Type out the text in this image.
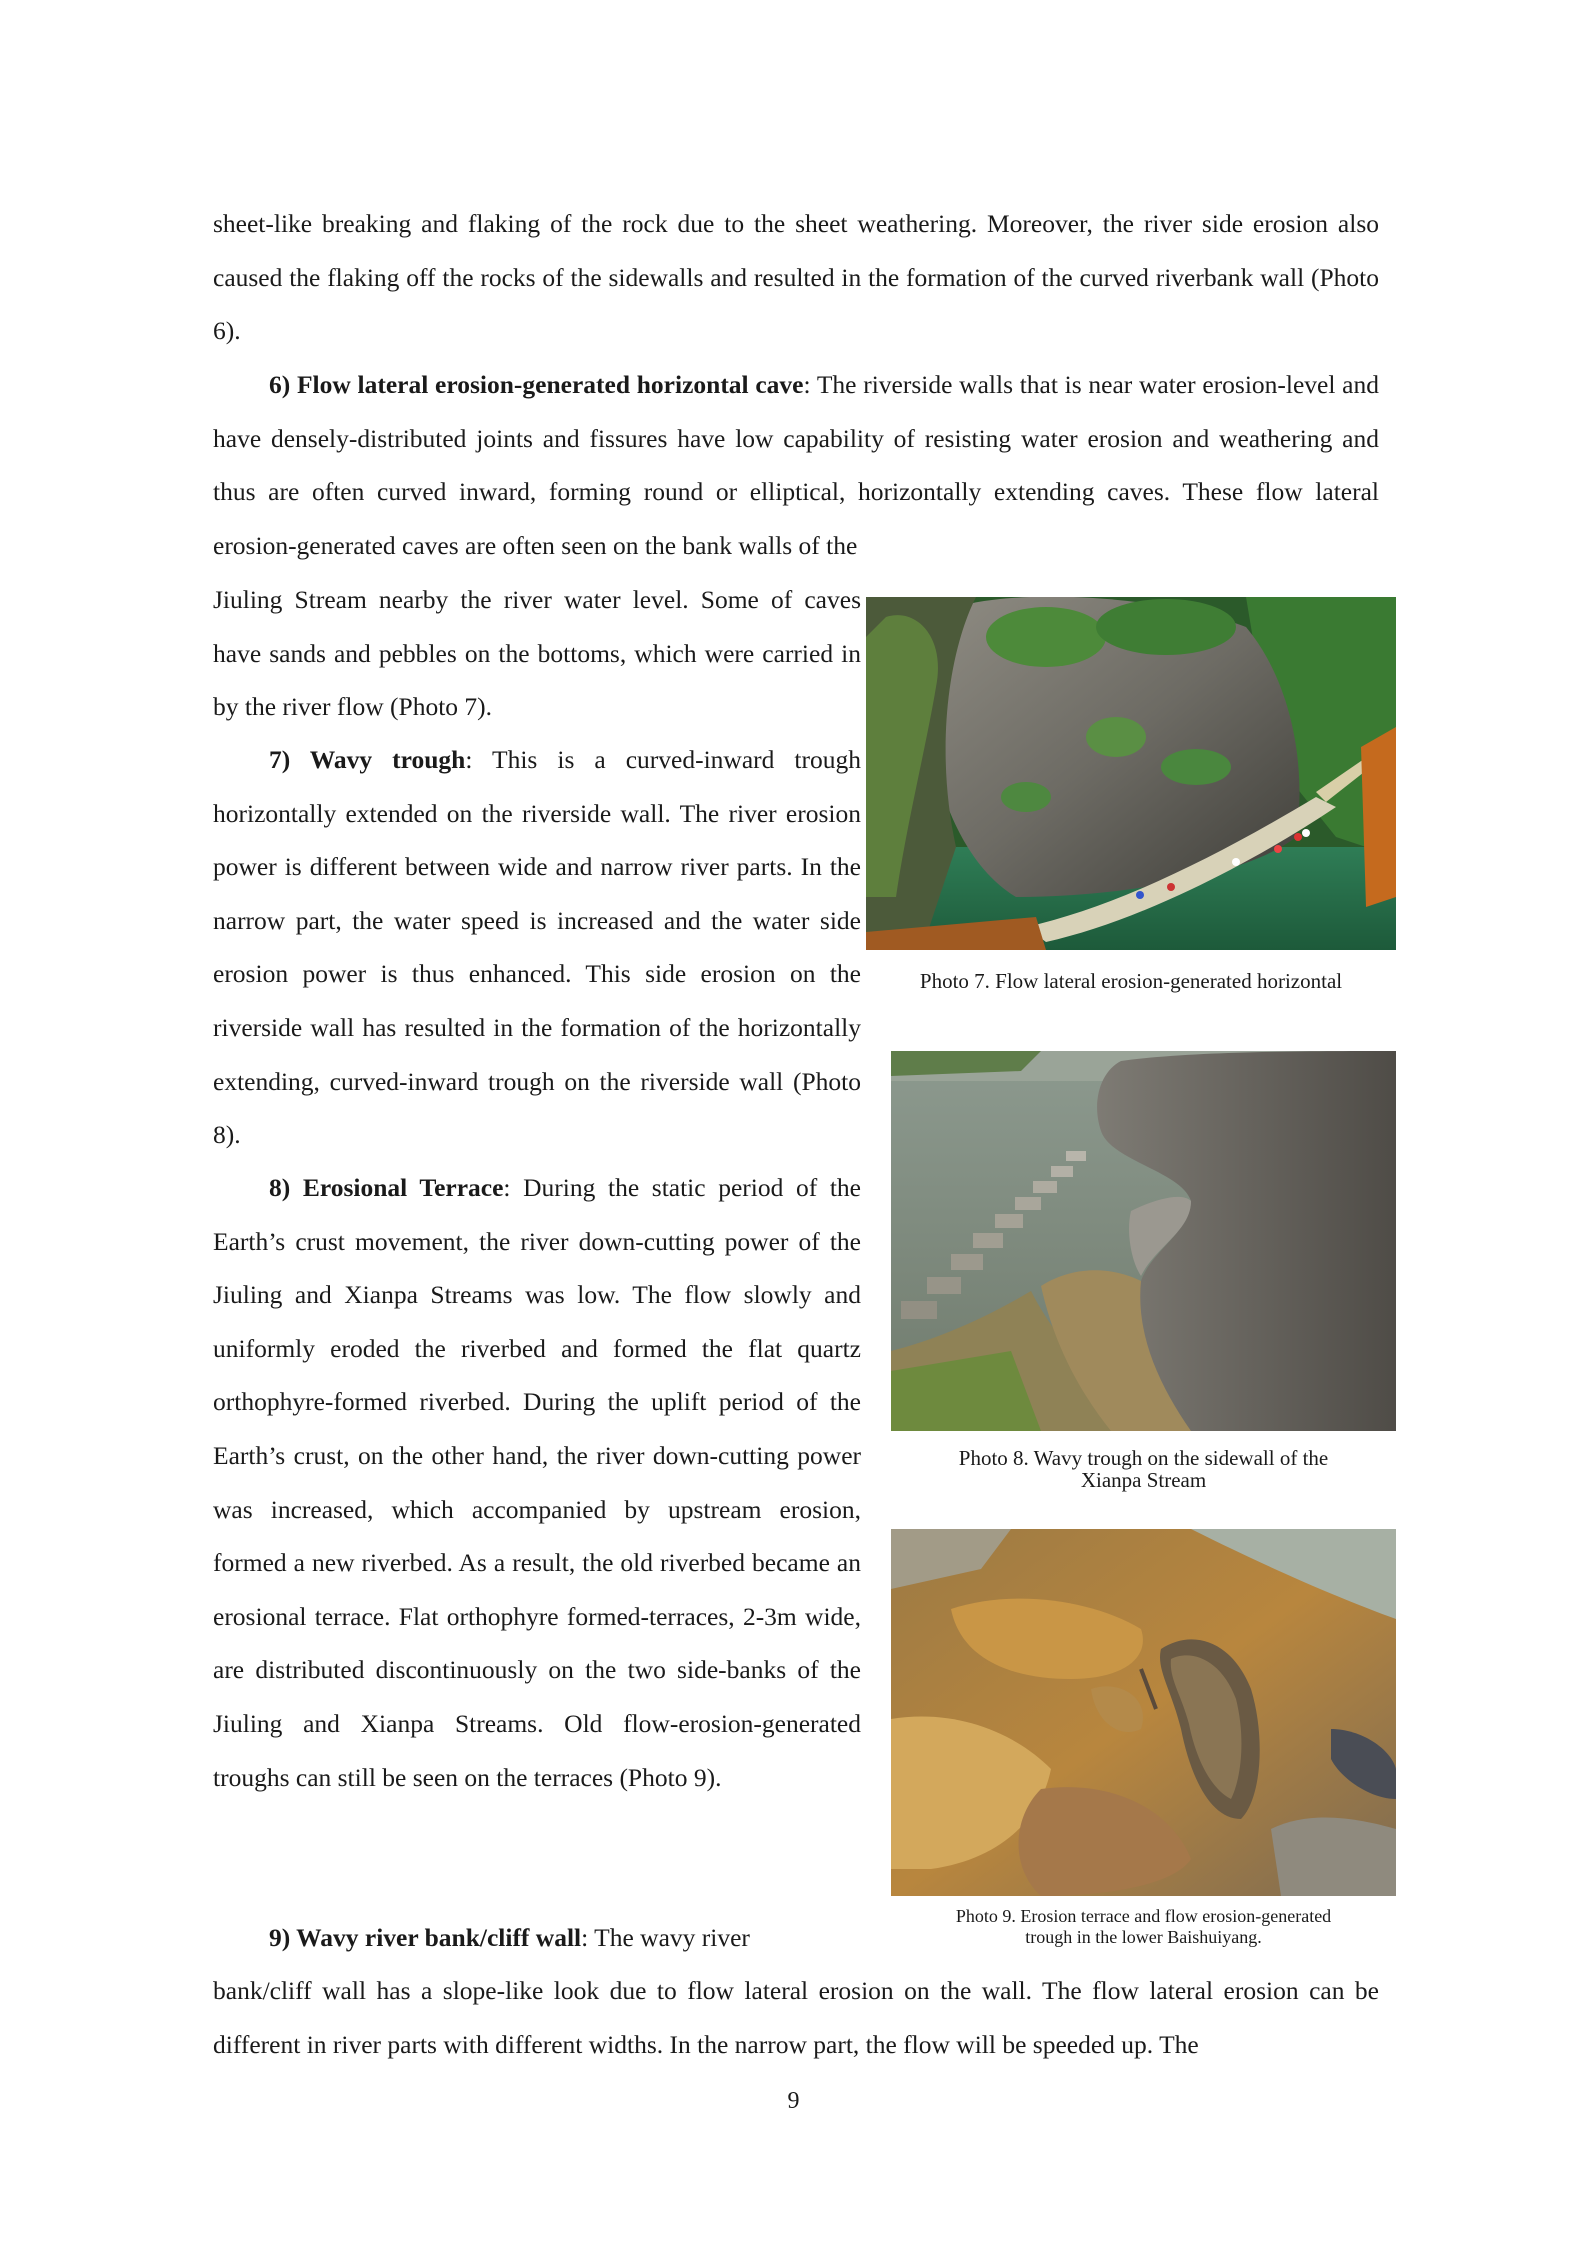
sheet-like breaking and flaking of the rock due to the sheet weathering. Moreover, the river side erosion also caused the flaking off the rocks of the sidewalls and resulted in the formation of the curved riverbank wall (Photo 6).

6) Flow lateral erosion-generated horizontal cave: The riverside walls that is near water erosion-level and have densely-distributed joints and fissures have low capability of resisting water erosion and weathering and thus are often curved inward, forming round or elliptical, horizontally extending caves. These flow lateral erosion-generated caves are often seen on the bank walls of the

Jiuling Stream nearby the river water level. Some of caves have sands and pebbles on the bottoms, which were carried in by the river flow (Photo 7).

7) Wavy trough: This is a curved-inward trough horizontally extended on the riverside wall. The river erosion power is different between wide and narrow river parts. In the narrow part, the water speed is increased and the water side erosion power is thus enhanced. This side erosion on the riverside wall has resulted in the formation of the horizontally extending, curved-inward trough on the riverside wall (Photo 8).

8) Erosional Terrace: During the static period of the Earth’s crust movement, the river down-cutting power of the Jiuling and Xianpa Streams was low. The flow slowly and uniformly eroded the riverbed and formed the flat quartz orthophyre-formed riverbed. During the uplift period of the Earth’s crust, on the other hand, the river down-cutting power was increased, which accompanied by upstream erosion, formed a new riverbed. As a result, the old riverbed became an erosional terrace. Flat orthophyre formed-terraces, 2-3m wide, are distributed discontinuously on the two side-banks of the Jiuling and Xianpa Streams. Old flow-erosion-generated troughs can still be seen on the terraces (Photo 9).

9) Wavy river bank/cliff wall: The wavy river

bank/cliff wall has a slope-like look due to flow lateral erosion on the wall. The flow lateral erosion can be different in river parts with different widths. In the narrow part, the flow will be speeded up. The

Photo 7. Flow lateral erosion-generated horizontal

Photo 8. Wavy trough on the sidewall of the
Xianpa Stream

Photo 9. Erosion terrace and flow erosion-generated
trough in the lower Baishuiyang.

9
